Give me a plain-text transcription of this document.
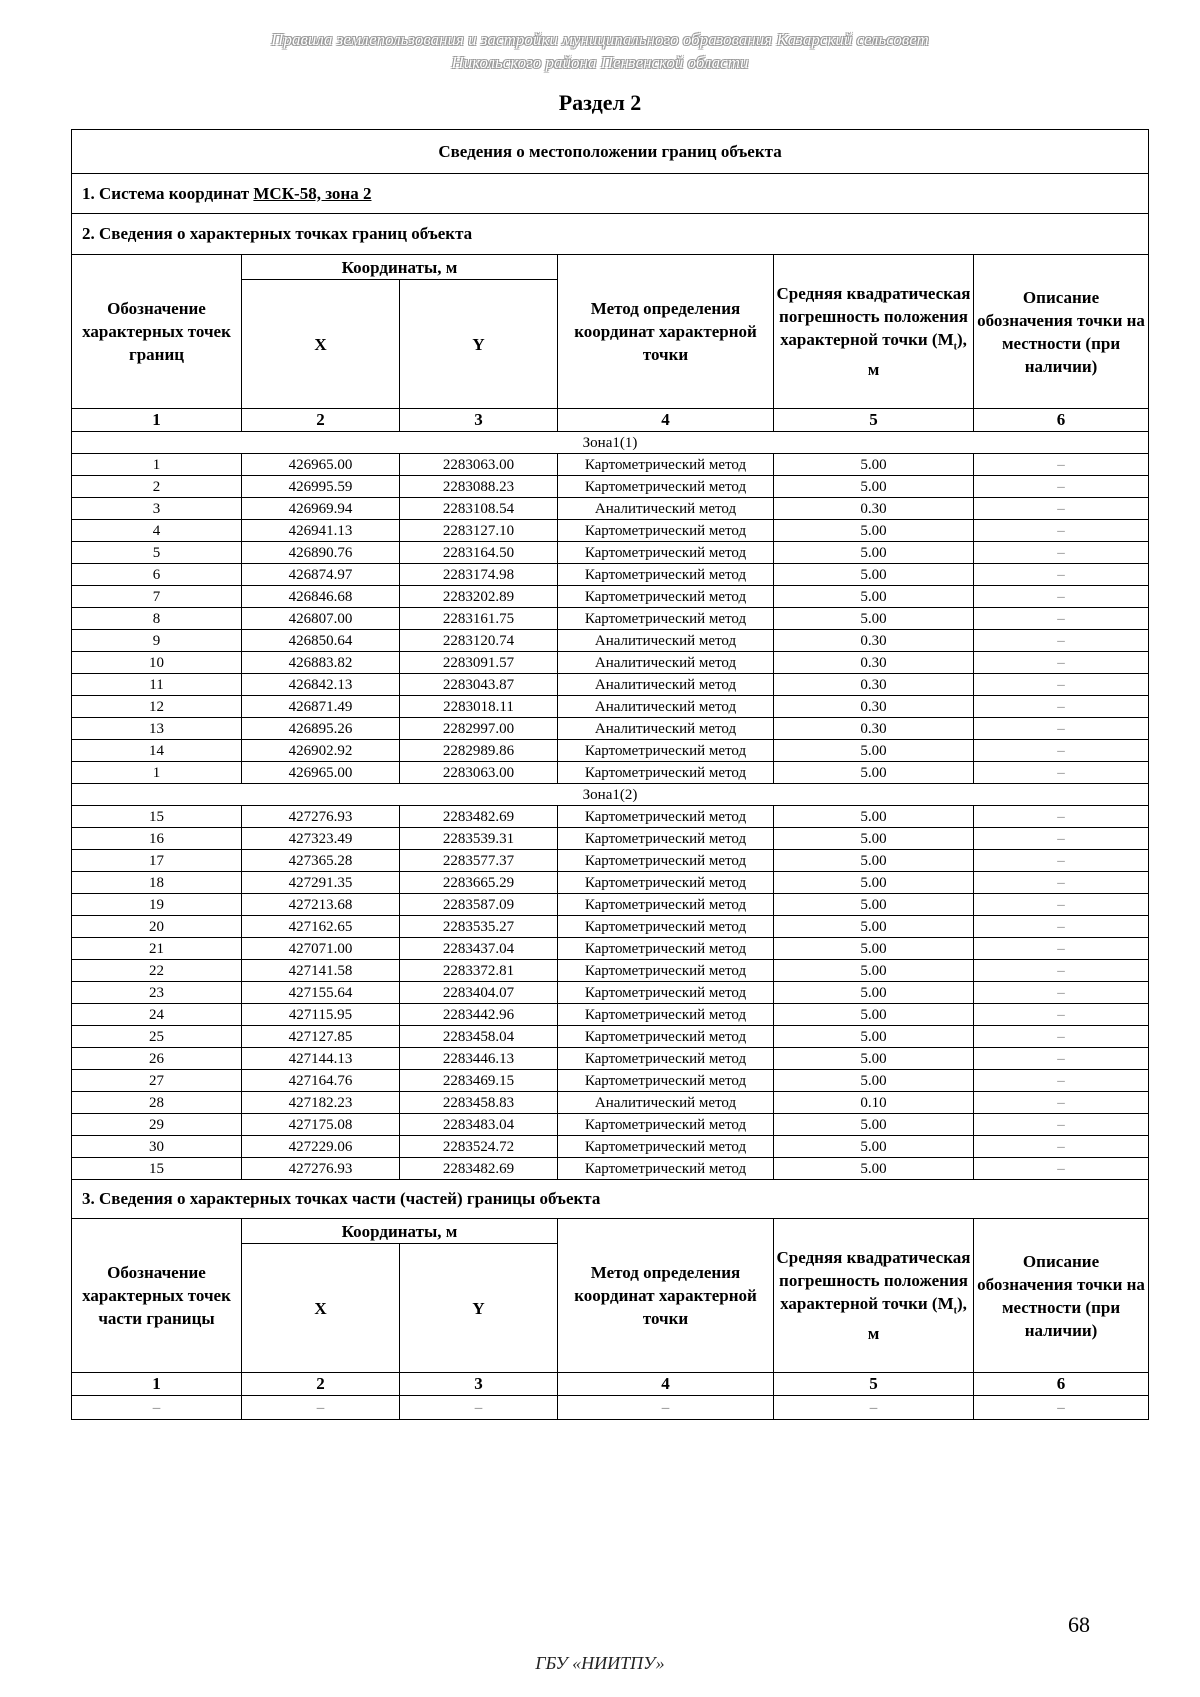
Правила землепользования и застройки муниципального образования Казарский сельсовет
Никольского района Пензенской области
Раздел 2
Сведения о местоположении границ объекта					
1. Система координат МСК-58, зона 2					
2. Сведения о характерных точках границ объекта					
Обозначение характерных точек границ	Координаты, м		Метод определения координат характерной точки	Средняя квадратическая погрешность положения характерной точки $(M_t)$, м	Описание обозначения точки на местности (при наличии)
	X	Y			
1	2	3	4	5	6
Зона1(1)					
1	426965.00	2283063.00	Картометрический метод	5.00	–
2	426995.59	2283088.23	Картометрический метод	5.00	–
3	426969.94	2283108.54	Аналитический метод	0.30	–
4	426941.13	2283127.10	Картометрический метод	5.00	–
5	426890.76	2283164.50	Картометрический метод	5.00	–
6	426874.97	2283174.98	Картометрический метод	5.00	–
7	426846.68	2283202.89	Картометрический метод	5.00	–
8	426807.00	2283161.75	Картометрический метод	5.00	–
9	426850.64	2283120.74	Аналитический метод	0.30	–
10	426883.82	2283091.57	Аналитический метод	0.30	–
11	426842.13	2283043.87	Аналитический метод	0.30	–
12	426871.49	2283018.11	Аналитический метод	0.30	–
13	426895.26	2282997.00	Аналитический метод	0.30	–
14	426902.92	2282989.86	Картометрический метод	5.00	–
1	426965.00	2283063.00	Картометрический метод	5.00	–
Зона1(2)					
15	427276.93	2283482.69	Картометрический метод	5.00	–
16	427323.49	2283539.31	Картометрический метод	5.00	–
17	427365.28	2283577.37	Картометрический метод	5.00	–
18	427291.35	2283665.29	Картометрический метод	5.00	–
19	427213.68	2283587.09	Картометрический метод	5.00	–
20	427162.65	2283535.27	Картометрический метод	5.00	–
21	427071.00	2283437.04	Картометрический метод	5.00	–
22	427141.58	2283372.81	Картометрический метод	5.00	–
23	427155.64	2283404.07	Картометрический метод	5.00	–
24	427115.95	2283442.96	Картометрический метод	5.00	–
25	427127.85	2283458.04	Картометрический метод	5.00	–
26	427144.13	2283446.13	Картометрический метод	5.00	–
27	427164.76	2283469.15	Картометрический метод	5.00	–
28	427182.23	2283458.83	Аналитический метод	0.10	–
29	427175.08	2283483.04	Картометрический метод	5.00	–
30	427229.06	2283524.72	Картометрический метод	5.00	–
15	427276.93	2283482.69	Картометрический метод	5.00	–
3. Сведения о характерных точках части (частей) границы объекта					
Обозначение характерных точек части границы	Координаты, м		Метод определения координат характерной точки	Средняя квадратическая погрешность положения характерной точки $(M_t)$, м	Описание обозначения точки на местности (при наличии)
	X	Y			
1	2	3	4	5	6
–	–	–	–	–	–
68
ГБУ «НИИТПУ»
